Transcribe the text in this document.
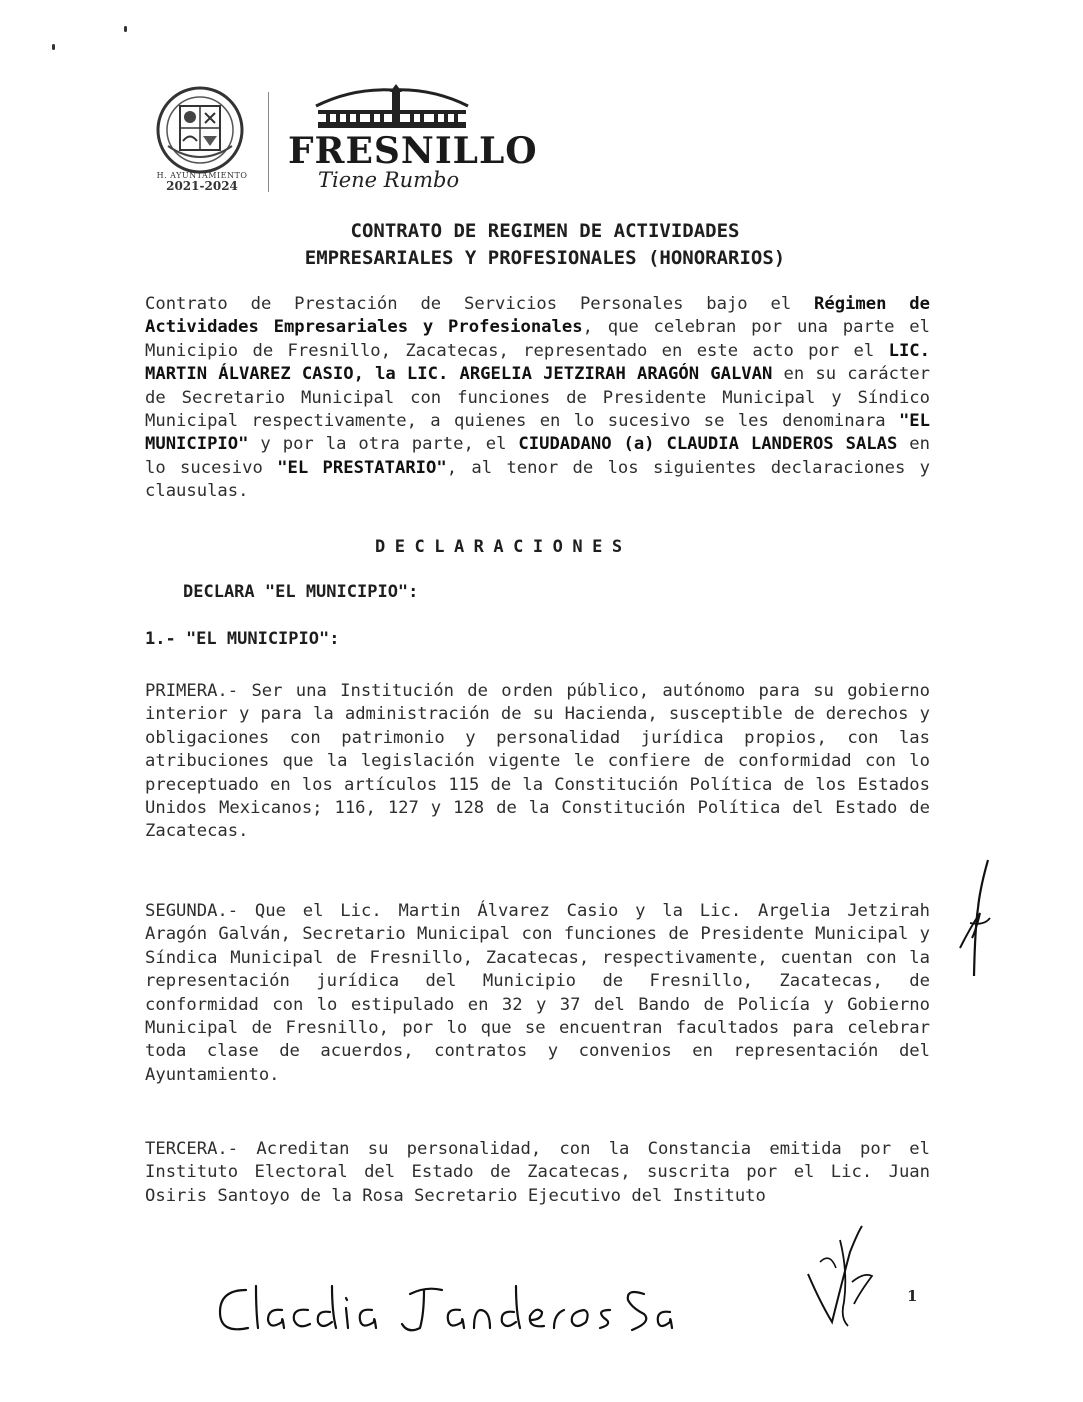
H. AYUNTAMIENTO
2021-2024
FRESNILLO
Tiene Rumbo
CONTRATO DE REGIMEN DE ACTIVIDADES
EMPRESARIALES Y PROFESIONALES (HONORARIOS)

Contrato de Prestación de Servicios Personales bajo el Régimen de Actividades Empresariales y Profesionales, que celebran por una parte el Municipio de Fresnillo, Zacatecas, representado en este acto por el LIC. MARTIN ÁLVAREZ CASIO, la LIC. ARGELIA JETZIRAH ARAGÓN GALVAN en su carácter de Secretario Municipal con funciones de Presidente Municipal y Síndico Municipal respectivamente, a quienes en lo sucesivo se les denominara "EL MUNICIPIO" y por la otra parte, el CIUDADANO (a) CLAUDIA LANDEROS SALAS en lo sucesivo "EL PRESTATARIO", al tenor de los siguientes declaraciones y clausulas.

DECLARACIONES
DECLARA "EL MUNICIPIO":
1.- "EL MUNICIPIO":

PRIMERA.- Ser una Institución de orden público, autónomo para su gobierno interior y para la administración de su Hacienda, susceptible de derechos y obligaciones con patrimonio y personalidad jurídica propios, con las atribuciones que la legislación vigente le confiere de conformidad con lo preceptuado en los artículos 115 de la Constitución Política de los Estados Unidos Mexicanos; 116, 127 y 128 de la Constitución Política del Estado de Zacatecas.

SEGUNDA.- Que el Lic. Martin Álvarez Casio y la Lic. Argelia Jetzirah Aragón Galván, Secretario Municipal con funciones de Presidente Municipal y Síndica Municipal de Fresnillo, Zacatecas, respectivamente, cuentan con la representación jurídica del Municipio de Fresnillo, Zacatecas, de conformidad con lo estipulado en 32 y 37 del Bando de Policía y Gobierno Municipal de Fresnillo, por lo que se encuentran facultados para celebrar toda clase de acuerdos, contratos y convenios en representación del Ayuntamiento.

TERCERA.- Acreditan su personalidad, con la Constancia emitida por el Instituto Electoral del Estado de Zacatecas, suscrita por el Lic. Juan Osiris Santoyo de la Rosa Secretario Ejecutivo del Instituto

1
